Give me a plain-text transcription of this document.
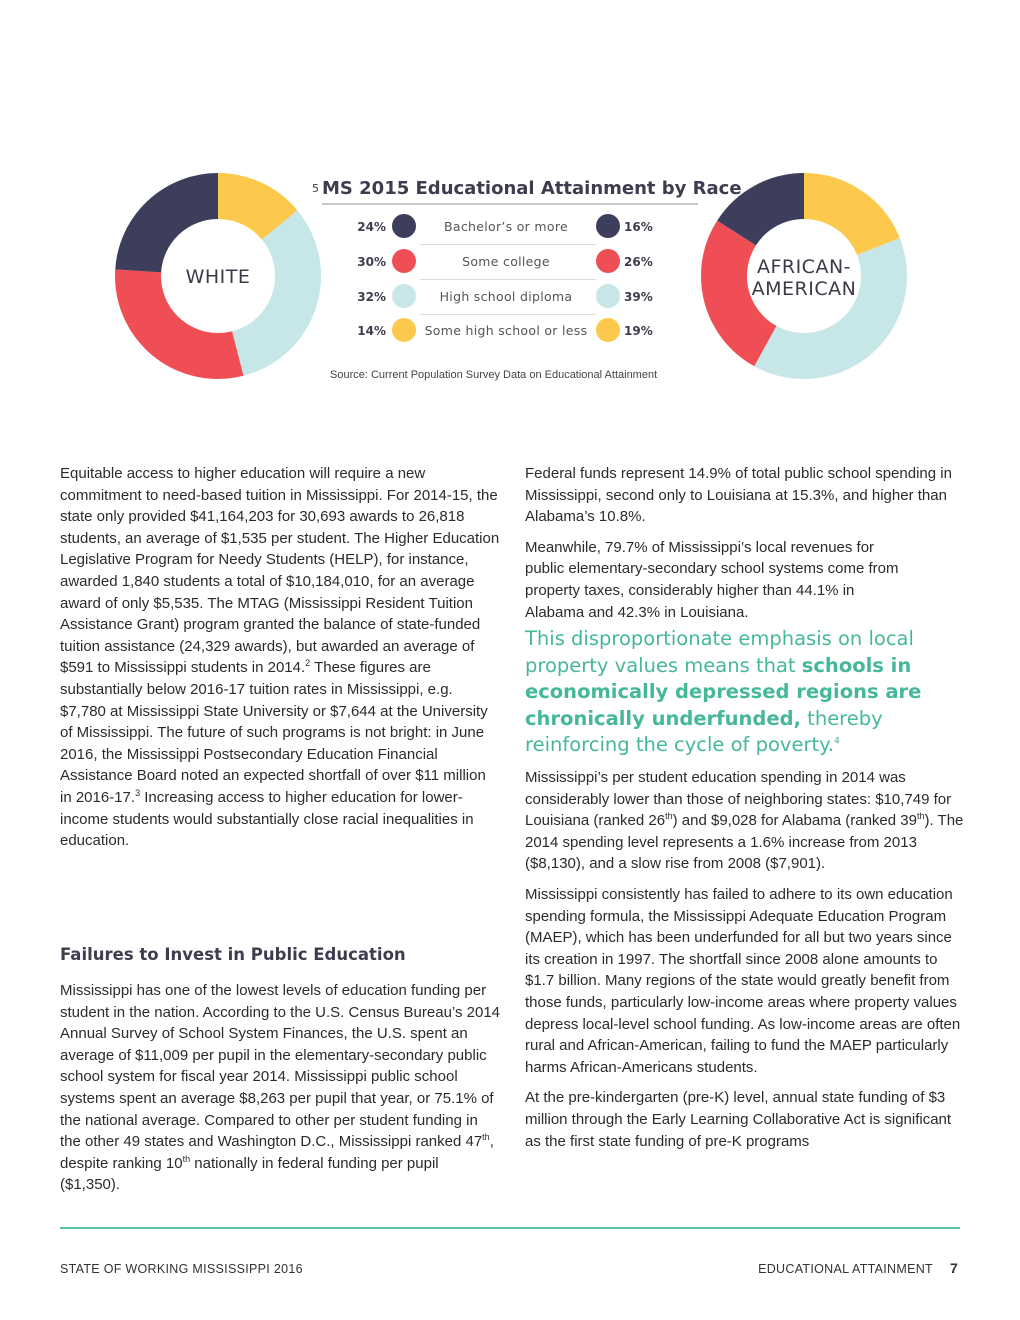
WHITE	AFRICAN-
AMERICAN
5 MS 2015 Educational Attainment by Race
24%	Bachelor’s or more	16%
30%	Some college	26%
32%	High school diploma	39%
14%	Some high school or less	19%
Source: Current Population Survey Data on Educational Attainment

Equitable access to higher education will require a new commitment to need-based tuition in Mississippi. For 2014-15, the state only provided $41,164,203 for 30,693 awards to 26,818 students, an average of $1,535 per student. The Higher Education Legislative Program for Needy Students (HELP), for instance, awarded 1,840 students a total of $10,184,010, for an average award of only $5,535. The MTAG (Mississippi Resident Tuition Assistance Grant) program granted the balance of state-funded tuition assistance (24,329 awards), but awarded an average of $591 to Mississippi students in 2014.$^2$ These figures are substantially below 2016-17 tuition rates in Mississippi, e.g. $7,780 at Mississippi State University or $7,644 at the University of Mississippi. The future of such programs is not bright: in June 2016, the Mississippi Postsecondary Education Financial Assistance Board noted an expected shortfall of over $11 million in 2016-17.$^3$ Increasing access to higher education for lower-income students would substantially close racial inequalities in education.

Failures to Invest in Public Education

Mississippi has one of the lowest levels of education funding per student in the nation. According to the U.S. Census Bureau’s 2014 Annual Survey of School System Finances, the U.S. spent an average of $11,009 per pupil in the elementary-secondary public school system for fiscal year 2014. Mississippi public school systems spent an average $8,263 per pupil that year, or 75.1% of the national average. Compared to other per student funding in the other 49 states and Washington D.C., Mississippi ranked 47th, despite ranking 10th nationally in federal funding per pupil ($1,350).

Federal funds represent 14.9% of total public school spending in Mississippi, second only to Louisiana at 15.3%, and higher than Alabama’s 10.8%.

Meanwhile, 79.7% of Mississippi’s local revenues for public elementary-secondary school systems come from property taxes, considerably higher than 44.1% in Alabama and 42.3% in Louisiana.

This disproportionate emphasis on local property values means that schools in economically depressed regions are chronically underfunded, thereby reinforcing the cycle of poverty.$^4$

Mississippi’s per student education spending in 2014 was considerably lower than those of neighboring states: $10,749 for Louisiana (ranked 26th) and $9,028 for Alabama (ranked 39th). The 2014 spending level represents a 1.6% increase from 2013 ($8,130), and a slow rise from 2008 ($7,901).

Mississippi consistently has failed to adhere to its own education spending formula, the Mississippi Adequate Education Program (MAEP), which has been underfunded for all but two years since its creation in 1997. The shortfall since 2008 alone amounts to $1.7 billion. Many regions of the state would greatly benefit from those funds, particularly low-income areas where property values depress local-level school funding. As low-income areas are often rural and African-American, failing to fund the MAEP particularly harms African-Americans students.

At the pre-kindergarten (pre-K) level, annual state funding of $3 million through the Early Learning Collaborative Act is significant as the first state funding of pre-K programs

STATE OF WORKING MISSISSIPPI 2016	EDUCATIONAL ATTAINMENT 7
